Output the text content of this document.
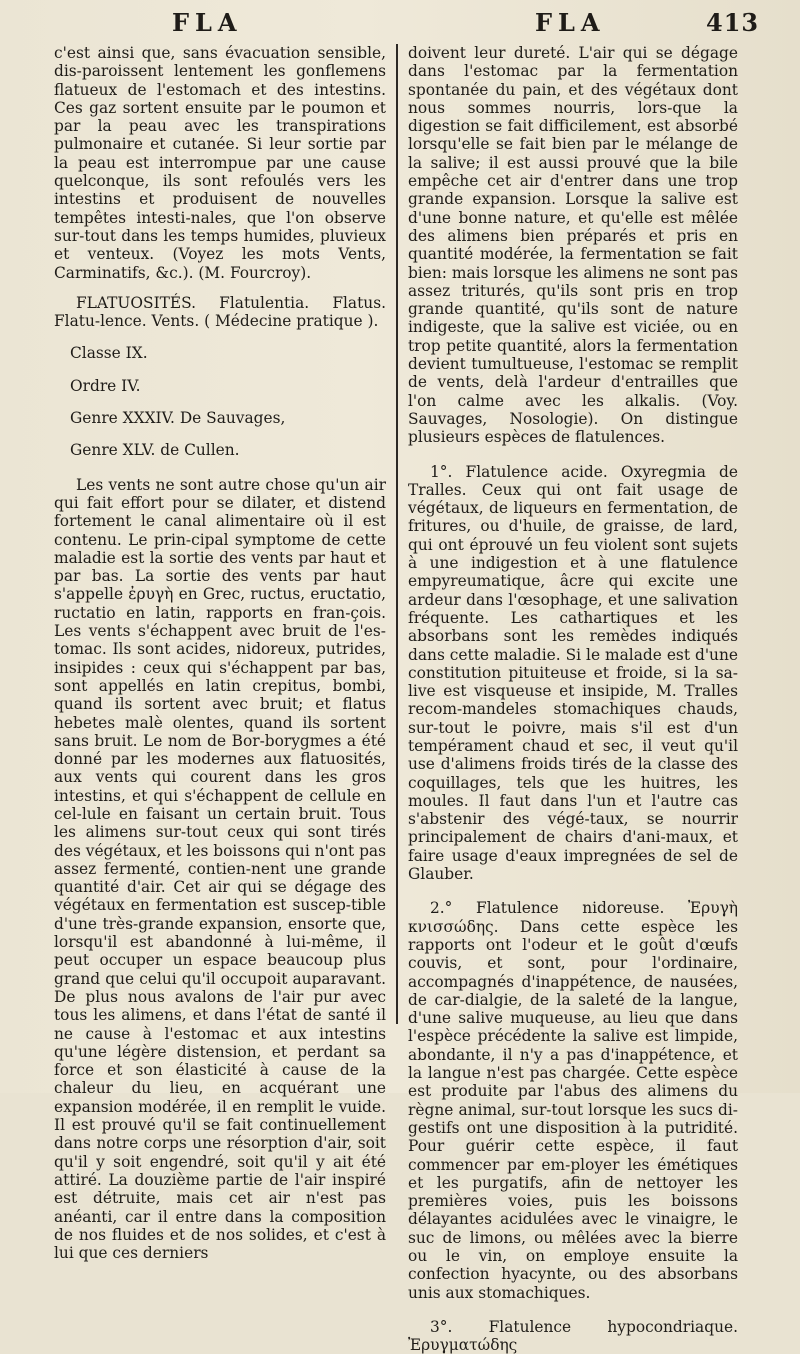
FLA	FLA	413

c'est ainsi que, sans évacuation sensible, dis-paroissent lentement les gonflemens flatueux de l'estomach et des intestins. Ces gaz sortent ensuite par le poumon et par la peau avec les transpirations pulmonaire et cutanée. Si leur sortie par la peau est interrompue par une cause quelconque, ils sont refoulés vers les intestins et produisent de nouvelles tempêtes intesti-nales, que l'on observe sur-tout dans les temps humides, pluvieux et venteux. (Voyez les mots Vents, Carminatifs, &c.). (M. Fourcroy).

FLATUOSITÉS. Flatulentia. Flatus. Flatu-lence. Vents. ( Médecine pratique ).

Classe IX.

Ordre IV.

Genre XXXIV. De Sauvages,

Genre XLV. de Cullen.

Les vents ne sont autre chose qu'un air qui fait effort pour se dilater, et distend fortement le canal alimentaire où il est contenu. Le prin-cipal symptome de cette maladie est la sortie des vents par haut et par bas. La sortie des vents par haut s'appelle ἐρυγὴ en Grec, ructus, eructatio, ructatio en latin, rapports en fran-çois. Les vents s'échappent avec bruit de l'es-tomac. Ils sont acides, nidoreux, putrides, insipides : ceux qui s'échappent par bas, sont appellés en latin crepitus, bombi, quand ils sortent avec bruit; et flatus hebetes malè olentes, quand ils sortent sans bruit. Le nom de Bor-borygmes a été donné par les modernes aux flatuosités, aux vents qui courent dans les gros intestins, et qui s'échappent de cellule en cel-lule en faisant un certain bruit. Tous les alimens sur-tout ceux qui sont tirés des végétaux, et les boissons qui n'ont pas assez fermenté, contien-nent une grande quantité d'air. Cet air qui se dégage des végétaux en fermentation est suscep-tible d'une très-grande expansion, ensorte que, lorsqu'il est abandonné à lui-même, il peut occuper un espace beaucoup plus grand que celui qu'il occupoit auparavant. De plus nous avalons de l'air pur avec tous les alimens, et dans l'état de santé il ne cause à l'estomac et aux intestins qu'une légère distension, et perdant sa force et son élasticité à cause de la chaleur du lieu, en acquérant une expansion modérée, il en remplit le vuide. Il est prouvé qu'il se fait continuellement dans notre corps une résorption d'air, soit qu'il y soit engendré, soit qu'il y ait été attiré. La douzième partie de l'air inspiré est détruite, mais cet air n'est pas anéanti, car il entre dans la composition de nos fluides et de nos solides, et c'est à lui que ces derniers

doivent leur dureté. L'air qui se dégage dans l'estomac par la fermentation spontanée du pain, et des végétaux dont nous sommes nourris, lors-que la digestion se fait difficilement, est absorbé lorsqu'elle se fait bien par le mélange de la salive; il est aussi prouvé que la bile empêche cet air d'entrer dans une trop grande expansion. Lorsque la salive est d'une bonne nature, et qu'elle est mêlée des alimens bien préparés et pris en quantité modérée, la fermentation se fait bien: mais lorsque les alimens ne sont pas assez triturés, qu'ils sont pris en trop grande quantité, qu'ils sont de nature indigeste, que la salive est viciée, ou en trop petite quantité, alors la fermentation devient tumultueuse, l'estomac se remplit de vents, delà l'ardeur d'entrailles que l'on calme avec les alkalis. (Voy. Sauvages, Nosologie). On distingue plusieurs espèces de flatulences.

1°. Flatulence acide. Oxyregmia de Tralles. Ceux qui ont fait usage de végétaux, de liqueurs en fermentation, de fritures, ou d'huile, de graisse, de lard, qui ont éprouvé un feu violent sont sujets à une indigestion et à une flatulence empyreumatique, âcre qui excite une ardeur dans l'œsophage, et une salivation fréquente. Les cathartiques et les absorbans sont les remèdes indiqués dans cette maladie. Si le malade est d'une constitution pituiteuse et froide, si la sa-live est visqueuse et insipide, M. Tralles recom-mandeles stomachiques chauds, sur-tout le poivre, mais s'il est d'un tempérament chaud et sec, il veut qu'il use d'alimens froids tirés de la classe des coquillages, tels que les huitres, les moules. Il faut dans l'un et l'autre cas s'abstenir des végé-taux, se nourrir principalement de chairs d'ani-maux, et faire usage d'eaux impregnées de sel de Glauber.

2.° Flatulence nidoreuse. Ἐρυγὴ κνισσώδης. Dans cette espèce les rapports ont l'odeur et le goût d'œufs couvis, et sont, pour l'ordinaire, accompagnés d'inappétence, de nausées, de car-dialgie, de la saleté de la langue, d'une salive muqueuse, au lieu que dans l'espèce précédente la salive est limpide, abondante, il n'y a pas d'inappétence, et la langue n'est pas chargée. Cette espèce est produite par l'abus des alimens du règne animal, sur-tout lorsque les sucs di-gestifs ont une disposition à la putridité. Pour guérir cette espèce, il faut commencer par em-ployer les émétiques et les purgatifs, afin de nettoyer les premières voies, puis les boissons délayantes acidulées avec le vinaigre, le suc de limons, ou mêlées avec la bierre ou le vin, on employe ensuite la confection hyacynte, ou des absorbans unis aux stomachiques.

3°. Flatulence hypocondriaque. Ἐρυγματώδης
